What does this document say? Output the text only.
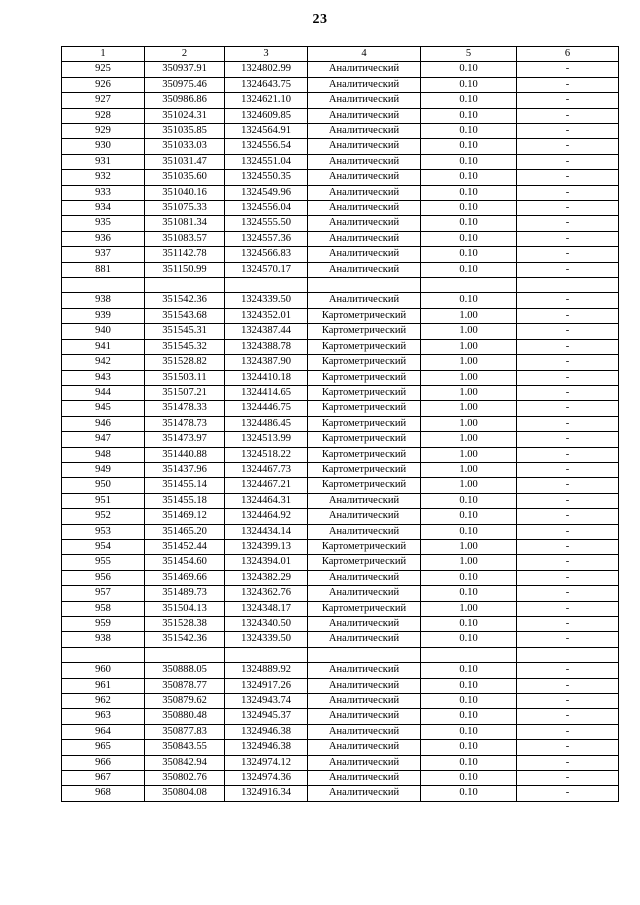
23
1	2	3	4	5	6
925	350937.91	1324802.99	Аналитический	0.10	-
926	350975.46	1324643.75	Аналитический	0.10	-
927	350986.86	1324621.10	Аналитический	0.10	-
928	351024.31	1324609.85	Аналитический	0.10	-
929	351035.85	1324564.91	Аналитический	0.10	-
930	351033.03	1324556.54	Аналитический	0.10	-
931	351031.47	1324551.04	Аналитический	0.10	-
932	351035.60	1324550.35	Аналитический	0.10	-
933	351040.16	1324549.96	Аналитический	0.10	-
934	351075.33	1324556.04	Аналитический	0.10	-
935	351081.34	1324555.50	Аналитический	0.10	-
936	351083.57	1324557.36	Аналитический	0.10	-
937	351142.78	1324566.83	Аналитический	0.10	-
881	351150.99	1324570.17	Аналитический	0.10	-

938	351542.36	1324339.50	Аналитический	0.10	-
939	351543.68	1324352.01	Картометрический	1.00	-
940	351545.31	1324387.44	Картометрический	1.00	-
941	351545.32	1324388.78	Картометрический	1.00	-
942	351528.82	1324387.90	Картометрический	1.00	-
943	351503.11	1324410.18	Картометрический	1.00	-
944	351507.21	1324414.65	Картометрический	1.00	-
945	351478.33	1324446.75	Картометрический	1.00	-
946	351478.73	1324486.45	Картометрический	1.00	-
947	351473.97	1324513.99	Картометрический	1.00	-
948	351440.88	1324518.22	Картометрический	1.00	-
949	351437.96	1324467.73	Картометрический	1.00	-
950	351455.14	1324467.21	Картометрический	1.00	-
951	351455.18	1324464.31	Аналитический	0.10	-
952	351469.12	1324464.92	Аналитический	0.10	-
953	351465.20	1324434.14	Аналитический	0.10	-
954	351452.44	1324399.13	Картометрический	1.00	-
955	351454.60	1324394.01	Картометрический	1.00	-
956	351469.66	1324382.29	Аналитический	0.10	-
957	351489.73	1324362.76	Аналитический	0.10	-
958	351504.13	1324348.17	Картометрический	1.00	-
959	351528.38	1324340.50	Аналитический	0.10	-
938	351542.36	1324339.50	Аналитический	0.10	-

960	350888.05	1324889.92	Аналитический	0.10	-
961	350878.77	1324917.26	Аналитический	0.10	-
962	350879.62	1324943.74	Аналитический	0.10	-
963	350880.48	1324945.37	Аналитический	0.10	-
964	350877.83	1324946.38	Аналитический	0.10	-
965	350843.55	1324946.38	Аналитический	0.10	-
966	350842.94	1324974.12	Аналитический	0.10	-
967	350802.76	1324974.36	Аналитический	0.10	-
968	350804.08	1324916.34	Аналитический	0.10	-
